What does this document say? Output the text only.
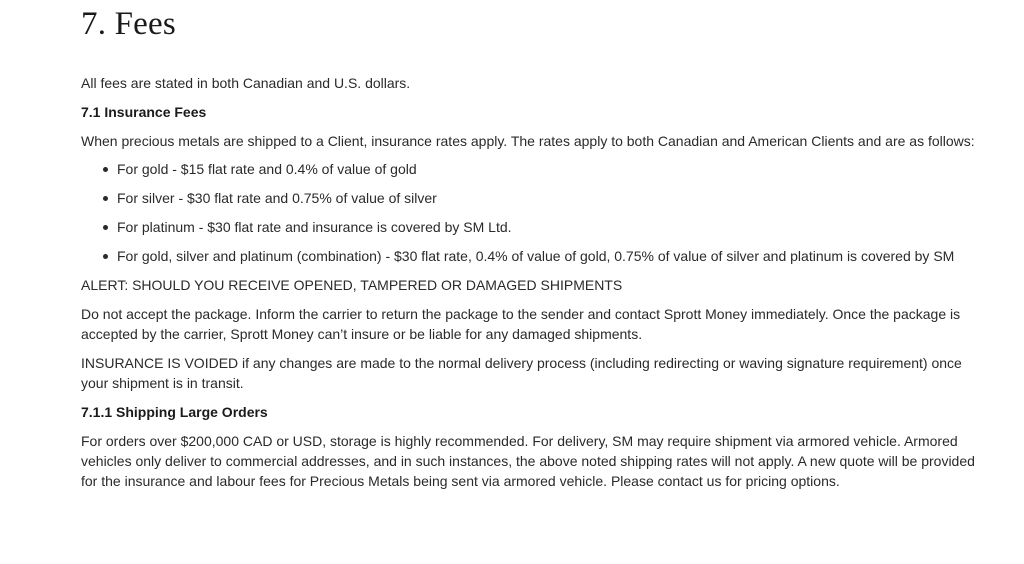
7. Fees

All fees are stated in both Canadian and U.S. dollars.

7.1 Insurance Fees

When precious metals are shipped to a Client, insurance rates apply. The rates apply to both Canadian and American Clients and are as follows:

For gold - $15 flat rate and 0.4% of value of gold
For silver - $30 flat rate and 0.75% of value of silver
For platinum - $30 flat rate and insurance is covered by SM Ltd.
For gold, silver and platinum (combination) - $30 flat rate, 0.4% of value of gold, 0.75% of value of silver and platinum is covered by SM

ALERT: SHOULD YOU RECEIVE OPENED, TAMPERED OR DAMAGED SHIPMENTS

Do not accept the package. Inform the carrier to return the package to the sender and contact Sprott Money immediately. Once the package is accepted by the carrier, Sprott Money can’t insure or be liable for any damaged shipments.

INSURANCE IS VOIDED if any changes are made to the normal delivery process (including redirecting or waving signature requirement) once your shipment is in transit.

7.1.1 Shipping Large Orders

For orders over $200,000 CAD or USD, storage is highly recommended. For delivery, SM may require shipment via armored vehicle. Armored vehicles only deliver to commercial addresses, and in such instances, the above noted shipping rates will not apply. A new quote will be provided for the insurance and labour fees for Precious Metals being sent via armored vehicle. Please contact us for pricing options.
